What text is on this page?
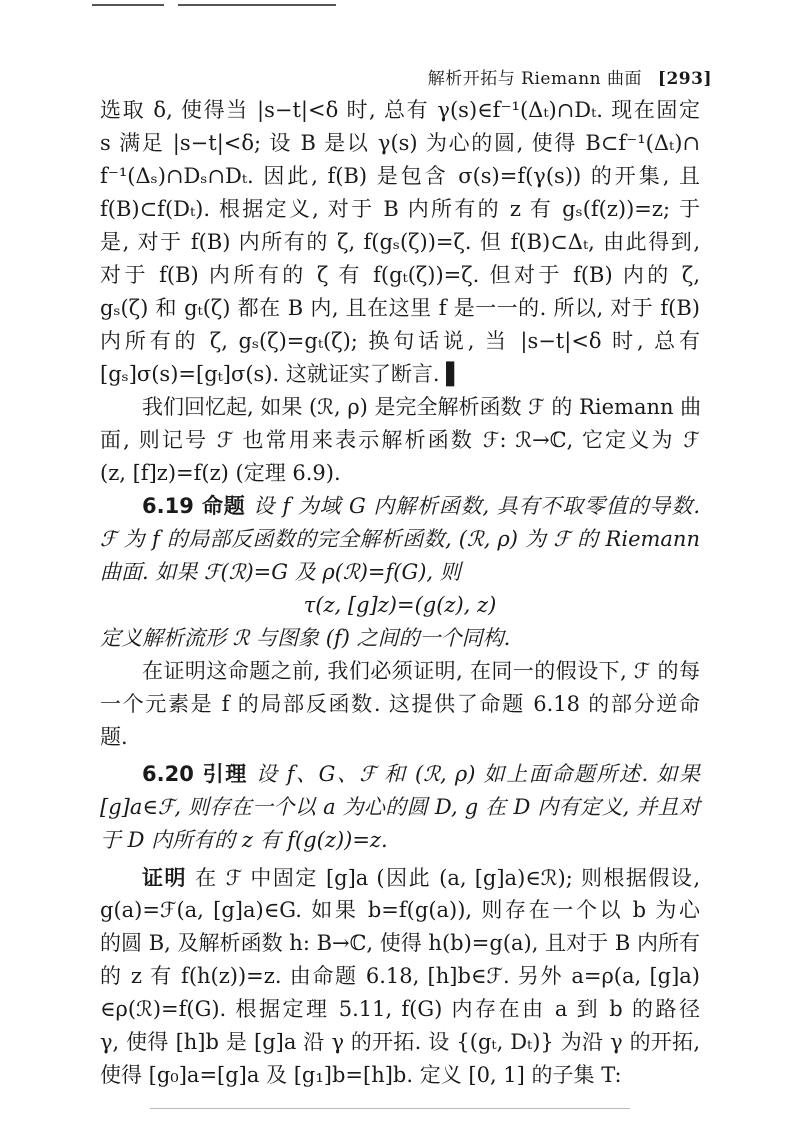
解析开拓与 Riemann 曲面 [293]
选取 δ, 使得当 |s−t|<δ 时, 总有 γ(s)∈f⁻¹(Δₜ)∩Dₜ. 现在固定
s 满足 |s−t|<δ; 设 B 是以 γ(s) 为心的圆, 使得 B⊂f⁻¹(Δₜ)∩
f⁻¹(Δₛ)∩Dₛ∩Dₜ. 因此, f(B) 是包含 σ(s)=f(γ(s)) 的开集, 且
f(B)⊂f(Dₜ). 根据定义, 对于 B 内所有的 z 有 gₛ(f(z))=z; 于
是, 对于 f(B) 内所有的 ζ, f(gₛ(ζ))=ζ. 但 f(B)⊂Δₜ, 由此得到,
对于 f(B) 内所有的 ζ 有 f(gₜ(ζ))=ζ. 但对于 f(B) 内的 ζ,
gₛ(ζ) 和 gₜ(ζ) 都在 B 内, 且在这里 f 是一一的. 所以, 对于 f(B)
内所有的 ζ, gₛ(ζ)=gₜ(ζ); 换句话说, 当 |s−t|<δ 时, 总有
[gₛ]σ(s)=[gₜ]σ(s). 这就证实了断言. ▌
我们回忆起, 如果 (ℛ, ρ) 是完全解析函数 ℱ 的 Riemann 曲
面, 则记号 ℱ 也常用来表示解析函数 ℱ: ℛ→ℂ, 它定义为 ℱ
(z, [f]z)=f(z) (定理 6.9).
6.19 命题 设 f 为域 G 内解析函数, 具有不取零值的导数.
ℱ 为 f 的局部反函数的完全解析函数, (ℛ, ρ) 为 ℱ 的 Riemann
曲面. 如果 ℱ(ℛ)=G 及 ρ(ℛ)=f(G), 则
τ(z, [g]z)=(g(z), z)
定义解析流形 ℛ 与图象 (f) 之间的一个同构.
在证明这命题之前, 我们必须证明, 在同一的假设下, ℱ 的每
一个元素是 f 的局部反函数. 这提供了命题 6.18 的部分逆命
题.
6.20 引理 设 f、G、ℱ 和 (ℛ, ρ) 如上面命题所述. 如果
[g]a∈ℱ, 则存在一个以 a 为心的圆 D, g 在 D 内有定义, 并且对
于 D 内所有的 z 有 f(g(z))=z.
证明 在 ℱ 中固定 [g]a (因此 (a, [g]a)∈ℛ); 则根据假设,
g(a)=ℱ(a, [g]a)∈G. 如果 b=f(g(a)), 则存在一个以 b 为心
的圆 B, 及解析函数 h: B→ℂ, 使得 h(b)=g(a), 且对于 B 内所有
的 z 有 f(h(z))=z. 由命题 6.18, [h]b∈ℱ. 另外 a=ρ(a, [g]a)
∈ρ(ℛ)=f(G). 根据定理 5.11, f(G) 内存在由 a 到 b 的路径
γ, 使得 [h]b 是 [g]a 沿 γ 的开拓. 设 {(gₜ, Dₜ)} 为沿 γ 的开拓,
使得 [g₀]a=[g]a 及 [g₁]b=[h]b. 定义 [0, 1] 的子集 T:
